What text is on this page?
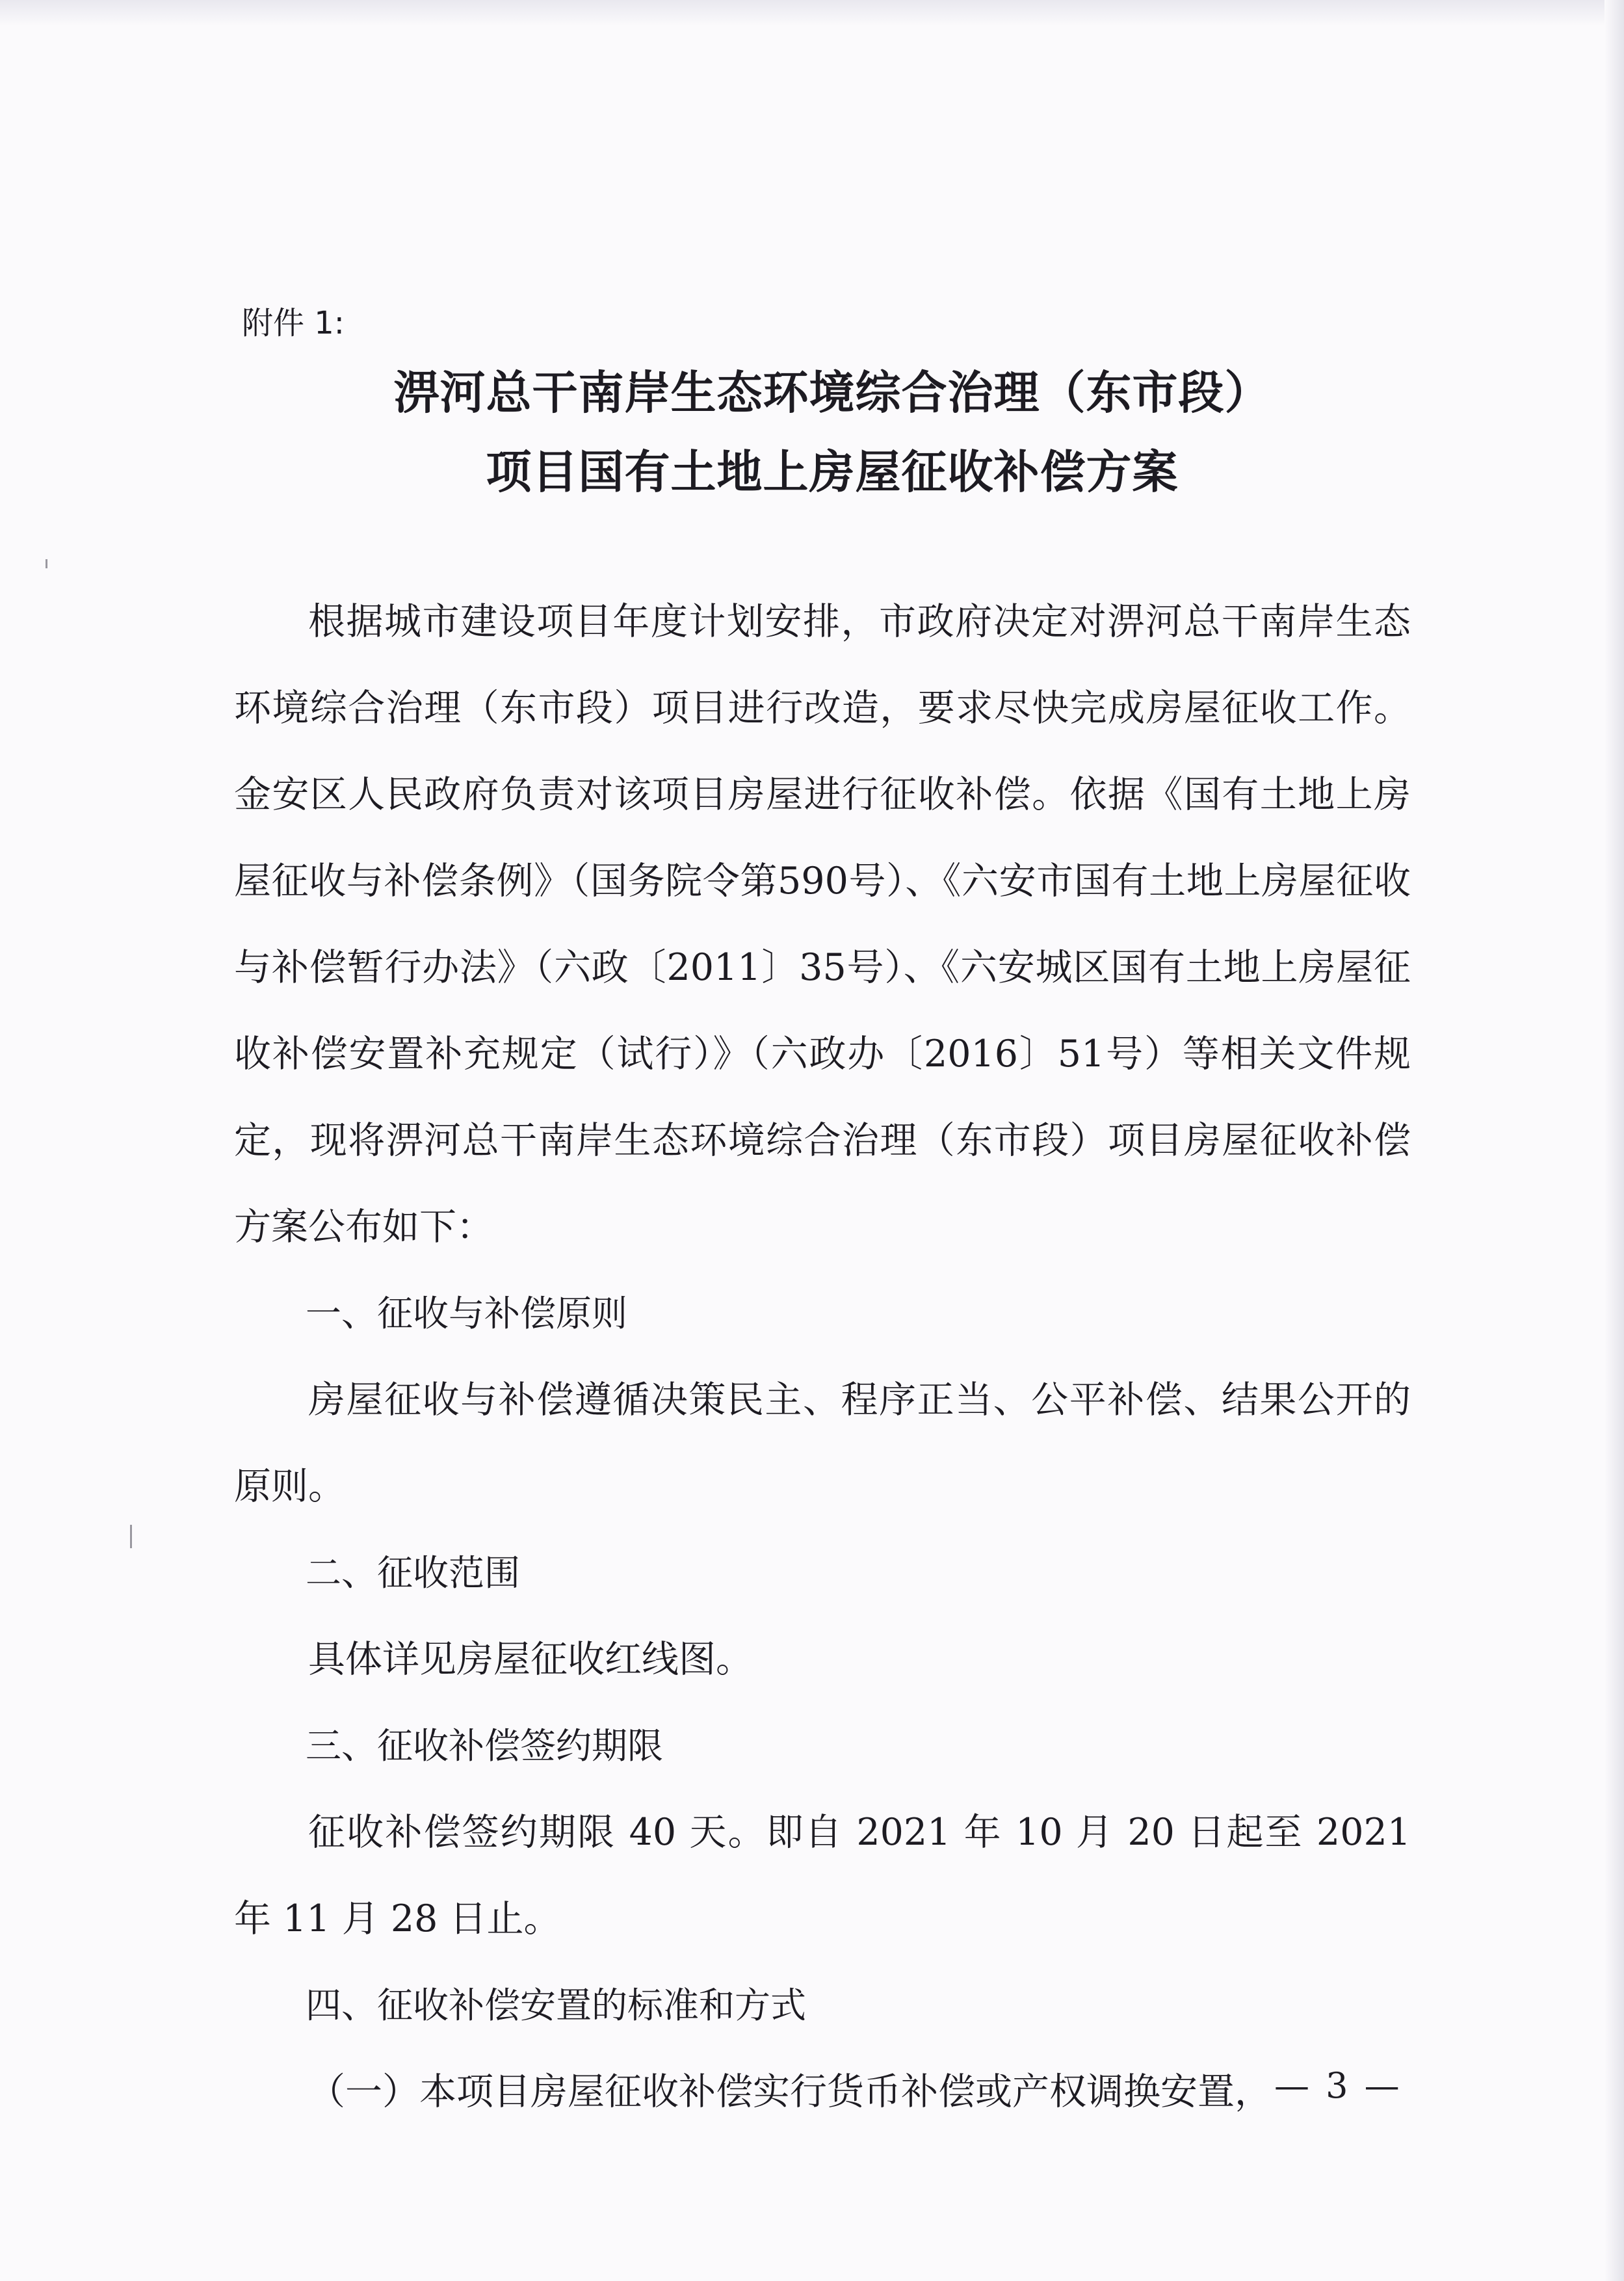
附件 1:
淠河总干南岸生态环境综合治理（东市段）
项目国有土地上房屋征收补偿方案

根据城市建设项目年度计划安排，市政府决定对淠河总干南岸生态环境综合治理（东市段）项目进行改造，要求尽快完成房屋征收工作。金安区人民政府负责对该项目房屋进行征收补偿。依据《国有土地上房屋征收与补偿条例》（国务院令第590号）、《六安市国有土地上房屋征收与补偿暂行办法》（六政〔2011〕35号）、《六安城区国有土地上房屋征收补偿安置补充规定（试行）》（六政办〔2016〕51号）等相关文件规定，现将淠河总干南岸生态环境综合治理（东市段）项目房屋征收补偿方案公布如下：

一、征收与补偿原则

房屋征收与补偿遵循决策民主、程序正当、公平补偿、结果公开的原则。

二、征收范围

具体详见房屋征收红线图。

三、征收补偿签约期限

征收补偿签约期限 40 天。即自 2021 年 10 月 20 日起至 2021 年 11 月 28 日止。

四、征收补偿安置的标准和方式

（一）本项目房屋征收补偿实行货币补偿或产权调换安置， — 3 —
